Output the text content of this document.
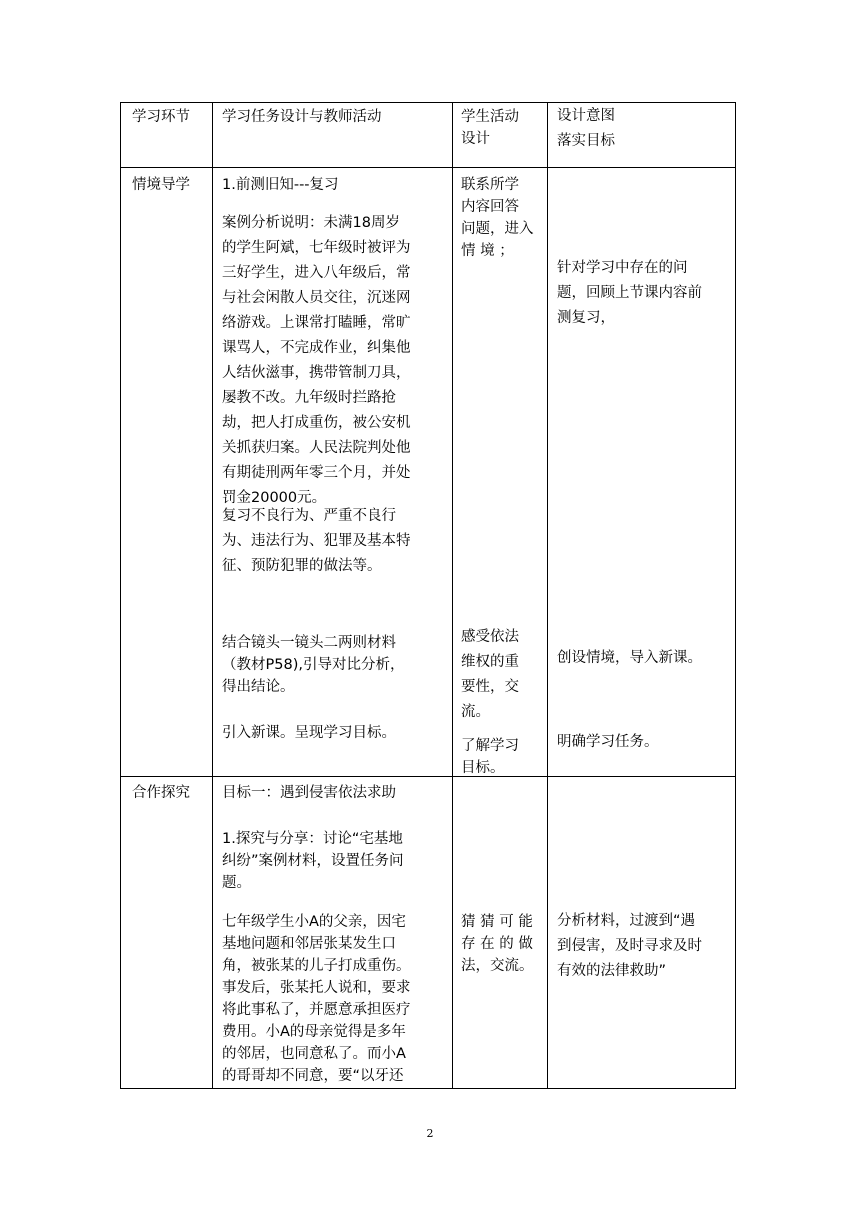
学习环节 学习任务设计与教师活动	学生活动
设计
设计意图
落实目标
情境导学 1.前测旧知---复习
案例分析说明：未满18周岁
的学生阿斌，七年级时被评为
三好学生，进入八年级后，常
与社会闲散人员交往，沉迷网
络游戏。上课常打瞌睡，常旷
课骂人，不完成作业，纠集他
人结伙滋事，携带管制刀具，
屡教不改。九年级时拦路抢
劫，把人打成重伤，被公安机
关抓获归案。人民法院判处他
有期徒刑两年零三个月，并处
罚金20000元。
复习不良行为、严重不良行
为、违法行为、犯罪及基本特
征、预防犯罪的做法等。
结合镜头一镜头二两则材料
（教材P58),引导对比分析，
得出结论。
引入新课。呈现学习目标。
联系所学
内容回答
问题，进入
情 境 ；
感受依法
维权的重
要性，交
流。
了解学习
目标。
针对学习中存在的问
题，回顾上节课内容前
测复习，
创设情境，导入新课。
明确学习任务。
合作探究 目标一：遇到侵害依法求助
1.探究与分享：讨论“宅基地
纠纷”案例材料，设置任务问
题。
七年级学生小A的父亲，因宅
基地问题和邻居张某发生口
角，被张某的儿子打成重伤。
事发后，张某托人说和，要求
将此事私了，并愿意承担医疗
费用。小A的母亲觉得是多年
的邻居，也同意私了。而小A
的哥哥却不同意，要“以牙还
猜 猜 可 能
存 在 的 做
法，交流。
分析材料，过渡到“遇
到侵害，及时寻求及时
有效的法律救助”
2
